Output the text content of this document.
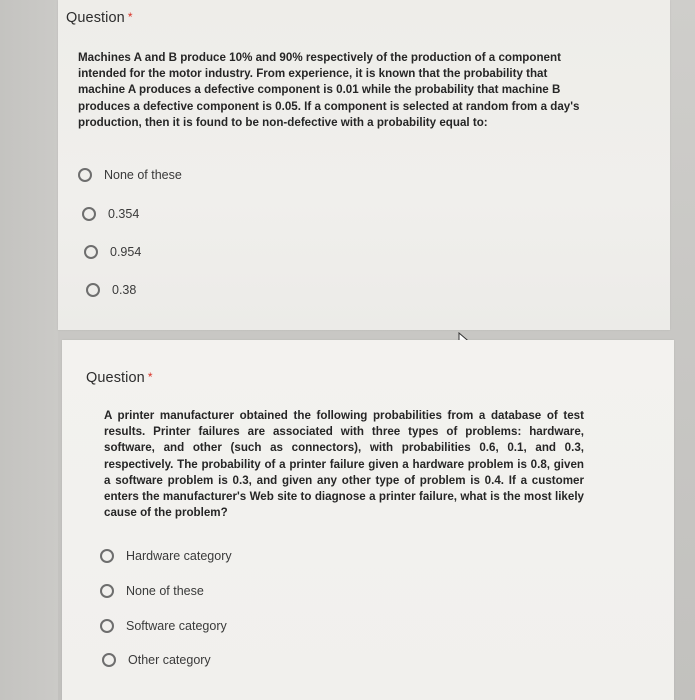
Question *
Machines A and B produce 10% and 90% respectively of the production of a component intended for the motor industry. From experience, it is known that the probability that machine A produces a defective component is 0.01 while the probability that machine B produces a defective component is 0.05. If a component is selected at random from a day's production, then it is found to be non-defective with a probability equal to:
None of these
0.354
0.954
0.38
Question *
A printer manufacturer obtained the following probabilities from a database of test results. Printer failures are associated with three types of problems: hardware, software, and other (such as connectors), with probabilities 0.6, 0.1, and 0.3, respectively. The probability of a printer failure given a hardware problem is 0.8, given a software problem is 0.3, and given any other type of problem is 0.4. If a customer enters the manufacturer's Web site to diagnose a printer failure, what is the most likely cause of the problem?
Hardware category
None of these
Software category
Other category
